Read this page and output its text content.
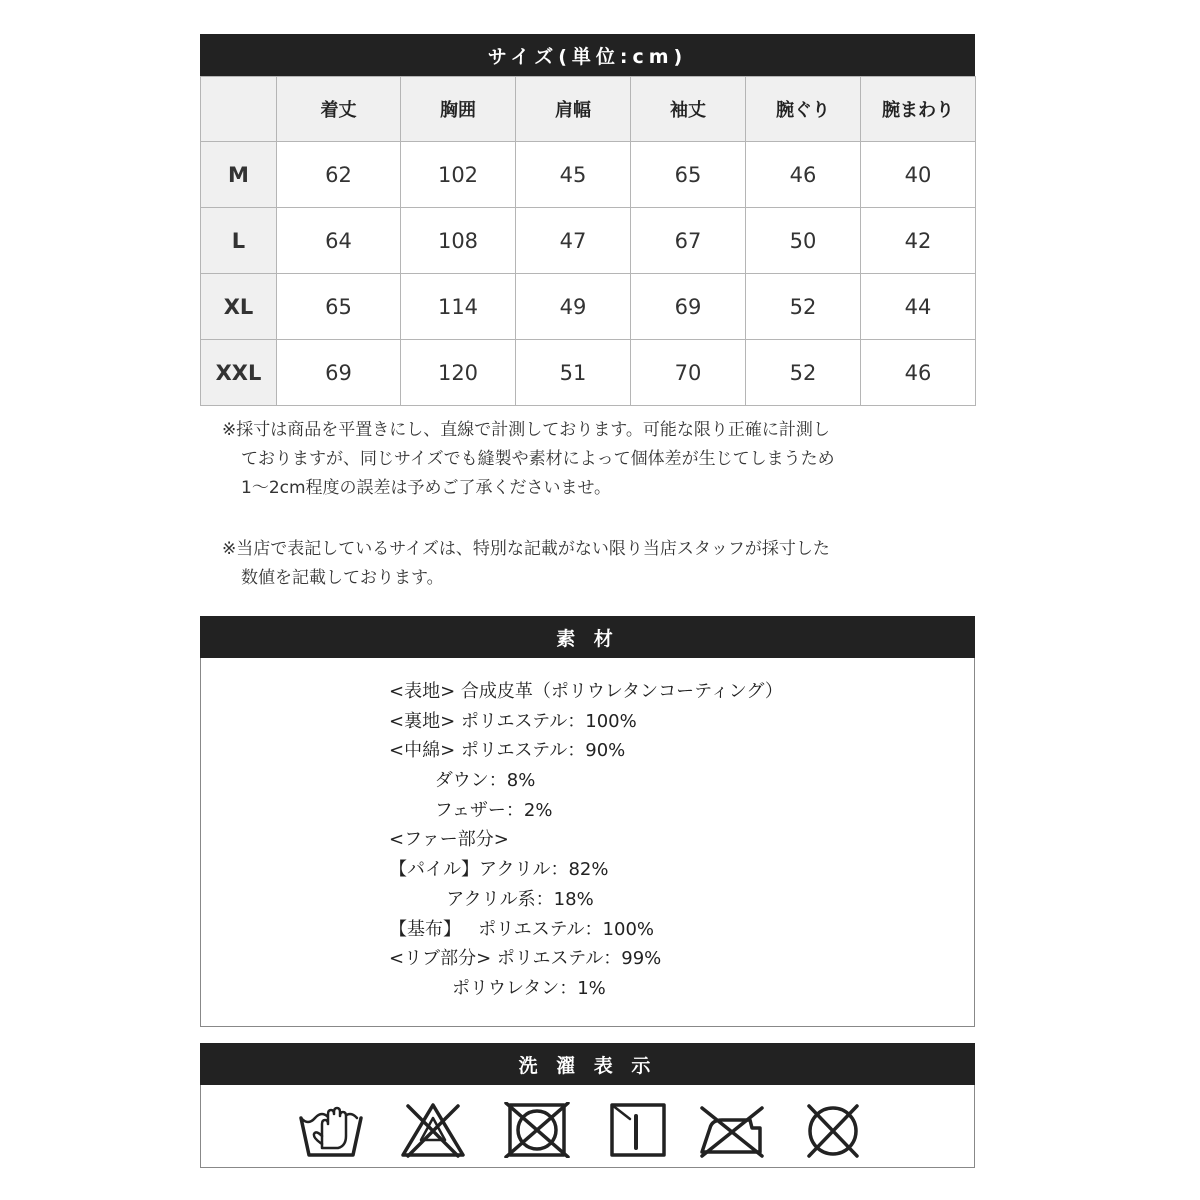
サイズ(単位:cm)
	着丈	胸囲	肩幅	袖丈	腕ぐり	腕まわり
M	62	102	45	65	46	40
L	64	108	47	67	50	42
XL	65	114	49	69	52	44
XXL	69	120	51	70	52	46

※採寸は商品を平置きにし、直線で計測しております。可能な限り正確に計測し

ておりますが、同じサイズでも縫製や素材によって個体差が生じてしまうため

1～2cm程度の誤差は予めご了承くださいませ。

※当店で表記しているサイズは、特別な記載がない限り当店スタッフが採寸した

数値を記載しております。

素 材
<表地> 合成皮革（ポリウレタンコーティング）
<裏地> ポリエステル：100%
<中綿> ポリエステル：90%
ダウン：8%
フェザー：2%
<ファー部分>
【パイル】アクリル：82%
アクリル系：18%
【基布】   ポリエステル：100%
<リブ部分> ポリエステル：99%
ポリウレタン：1%
洗 濯 表 示
